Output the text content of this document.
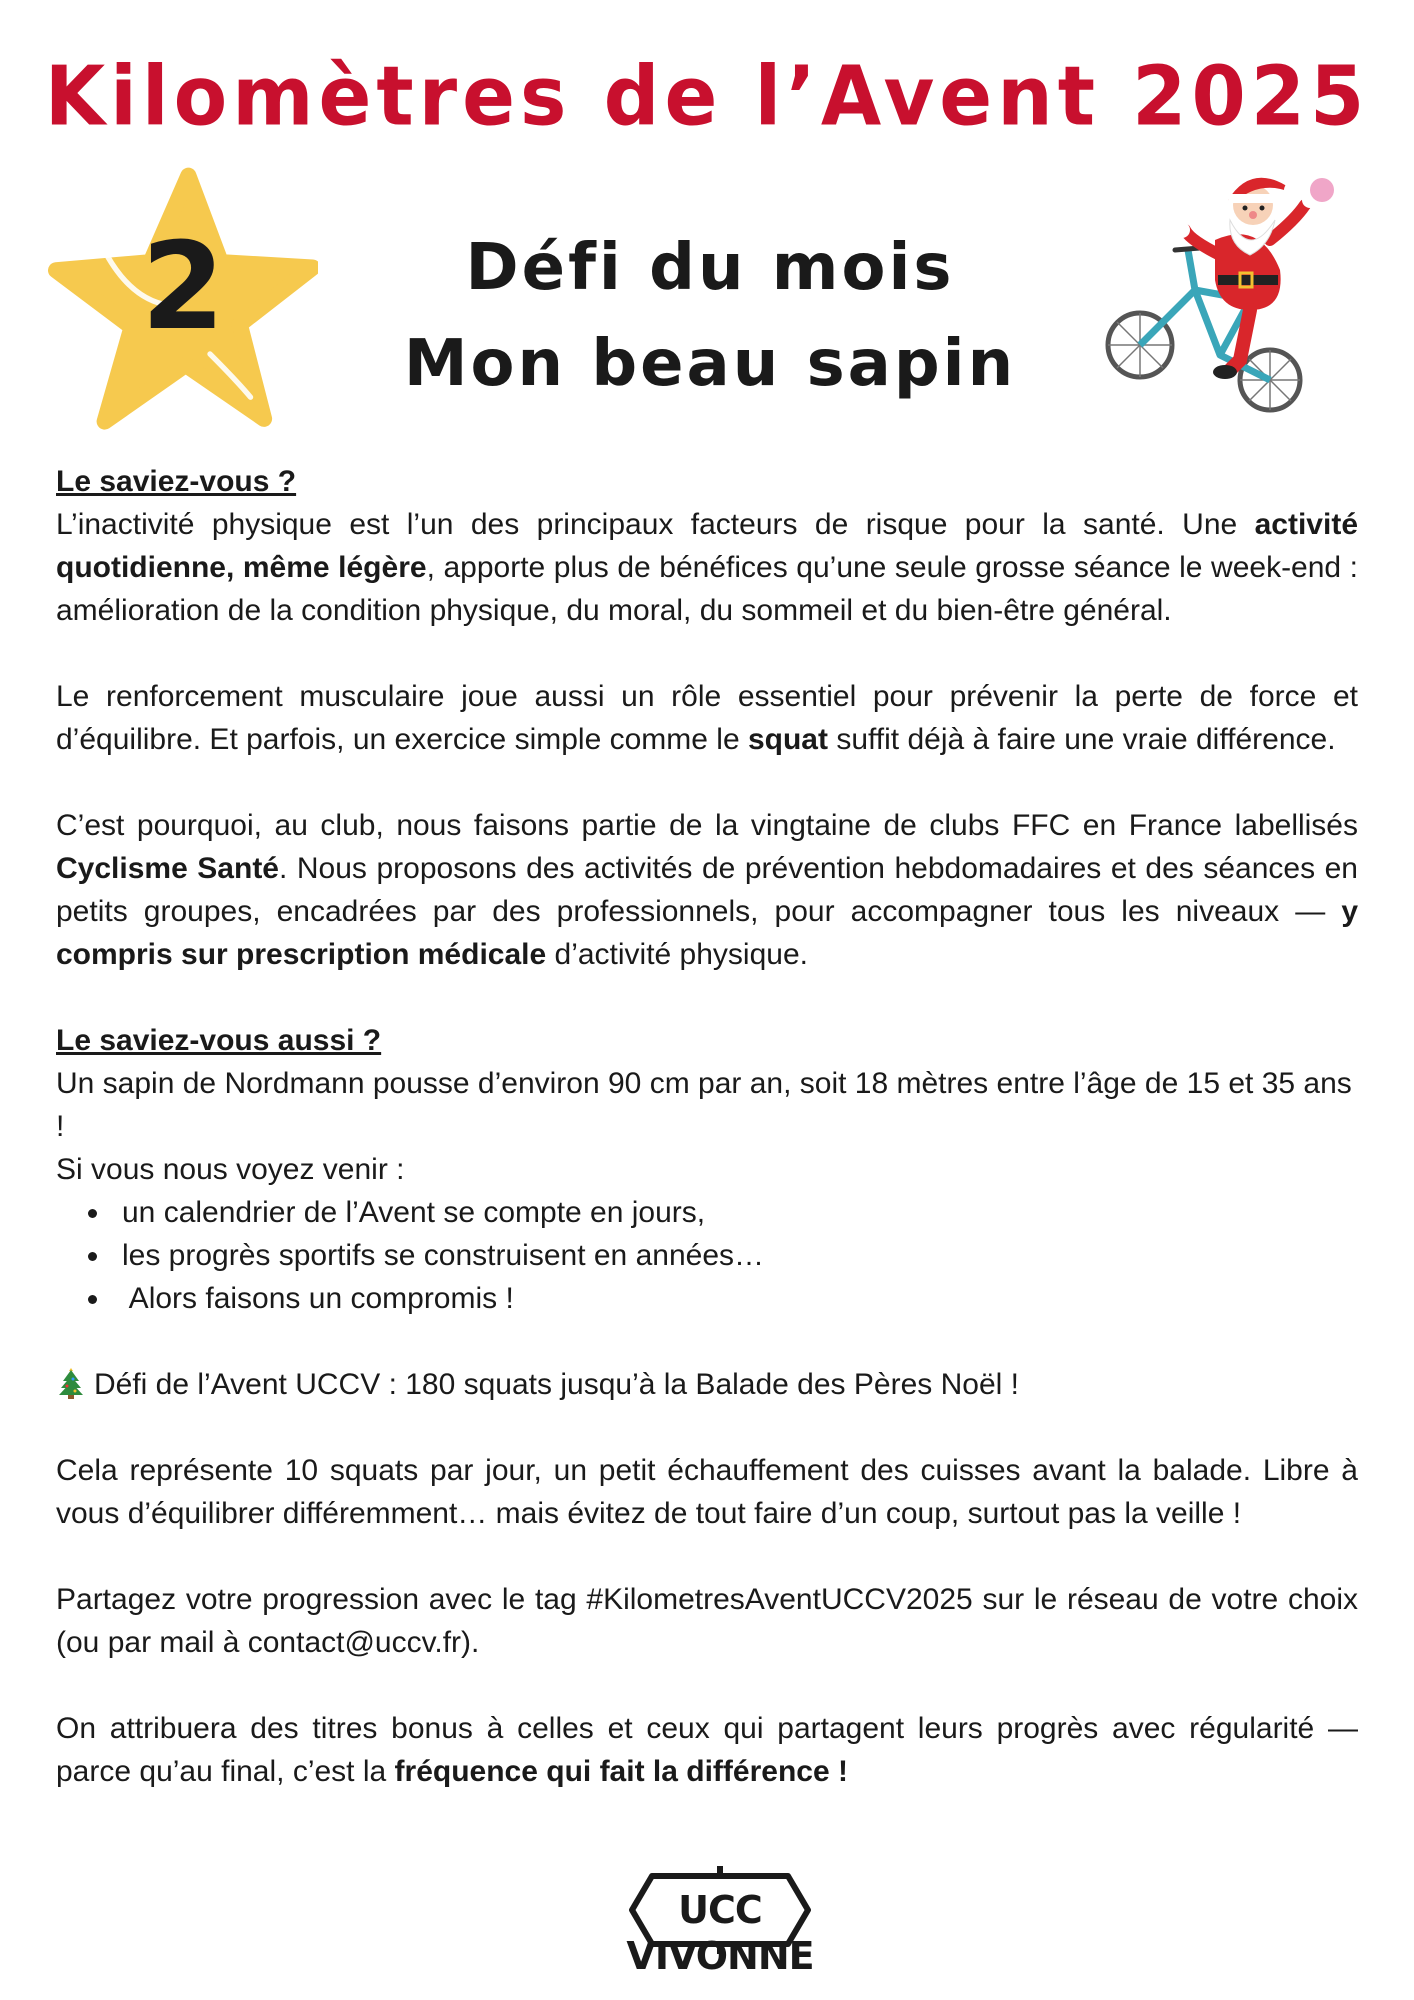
Kilomètres de l’Avent 2025
2	Défi du mois
Mon beau sapin

Le saviez-vous ?
L’inactivité physique est l’un des principaux facteurs de risque pour la santé. Une activité quotidienne, même légère, apporte plus de bénéfices qu’une seule grosse séance le week-end : amélioration de la condition physique, du moral, du sommeil et du bien-être général.

Le renforcement musculaire joue aussi un rôle essentiel pour prévenir la perte de force et d’équilibre. Et parfois, un exercice simple comme le squat suffit déjà à faire une vraie différence.

C’est pourquoi, au club, nous faisons partie de la vingtaine de clubs FFC en France labellisés Cyclisme Santé. Nous proposons des activités de prévention hebdomadaires et des séances en petits groupes, encadrées par des professionnels, pour accompagner tous les niveaux — y compris sur prescription médicale d’activité physique.

Le saviez-vous aussi ?
Un sapin de Nordmann pousse d’environ 90 cm par an, soit 18 mètres entre l’âge de 15 et 35 ans !
Si vous nous voyez venir :

• un calendrier de l’Avent se compte en jours,
• les progrès sportifs se construisent en années…
•  Alors faisons un compromis !

Défi de l’Avent UCCV : 180 squats jusqu’à la Balade des Pères Noël !

Cela représente 10 squats par jour, un petit échauffement des cuisses avant la balade. Libre à vous d’équilibrer différemment… mais évitez de tout faire d’un coup, surtout pas la veille !

Partagez votre progression avec le tag #KilometresAventUCCV2025 sur le réseau de votre choix (ou par mail à contact@uccv.fr).

On attribuera des titres bonus à celles et ceux qui partagent leurs progrès avec régularité — parce qu’au final, c’est la fréquence qui fait la différence !

UCC VIVONNE
